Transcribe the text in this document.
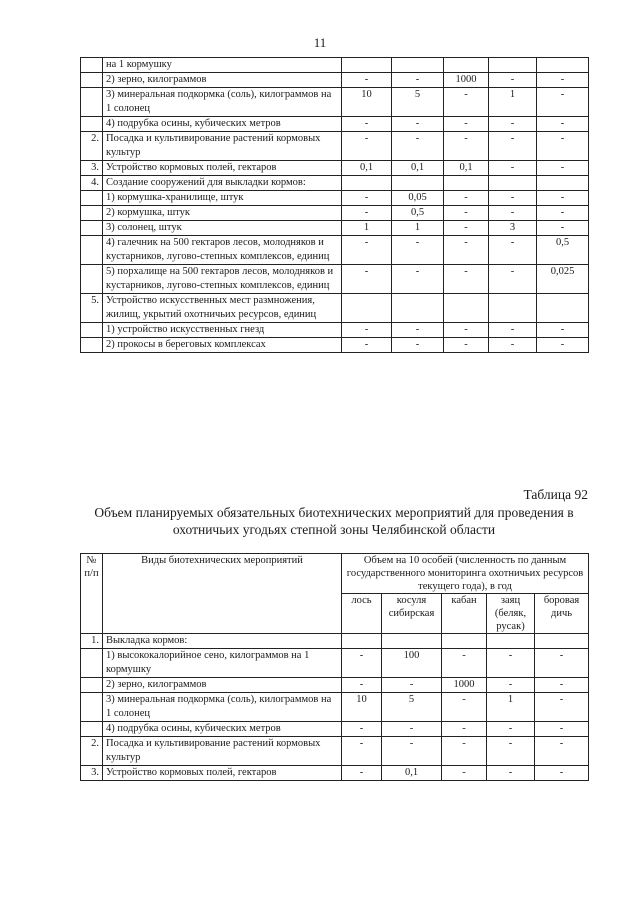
11
	на 1 кормушку					
	2) зерно, килограммов	-	-	1000	-	-
	3) минеральная подкормка (соль), килограммов на 1 солонец	10	5	-	1	-
	4) подрубка осины, кубических метров	-	-	-	-	-
2.	Посадка и культивирование растений кормовых культур	-	-	-	-	-
3.	Устройство кормовых полей, гектаров	0,1	0,1	0,1	-	-
4.	Создание сооружений для выкладки кормов:					
	1) кормушка-хранилище, штук	-	0,05	-	-	-
	2) кормушка, штук	-	0,5	-	-	-
	3) солонец, штук	1	1	-	3	-
	4) галечник на 500 гектаров лесов, молодняков и кустарников, лугово-степных комплексов, единиц	-	-	-	-	0,5
	5) порхалище на 500 гектаров лесов, молодняков и кустарников, лугово-степных комплексов, единиц	-	-	-	-	0,025
5.	Устройство искусственных мест размножения, жилищ, укрытий охотничьих ресурсов, единиц					
	1) устройство искусственных гнезд	-	-	-	-	-
	2) прокосы в береговых комплексах	-	-	-	-	-
Таблица 92
Объем планируемых обязательных биотехнических мероприятий для проведения в охотничьих угодьях степной зоны Челябинской области
№ п/п	Виды биотехнических мероприятий	Объем на 10 особей (численность по данным государственного мониторинга охотничьих ресурсов текущего года), в год				
		лось	косуля сибирская	кабан	заяц (беляк, русак)	боровая дичь
1.	Выкладка кормов:					
	1) высококалорийное сено, килограммов на 1 кормушку	-	100	-	-	-
	2) зерно, килограммов	-	-	1000	-	-
	3) минеральная подкормка (соль), килограммов на 1 солонец	10	5	-	1	-
	4) подрубка осины, кубических метров	-	-	-	-	-
2.	Посадка и культивирование растений кормовых культур	-	-	-	-	-
3.	Устройство кормовых полей, гектаров	-	0,1	-	-	-
